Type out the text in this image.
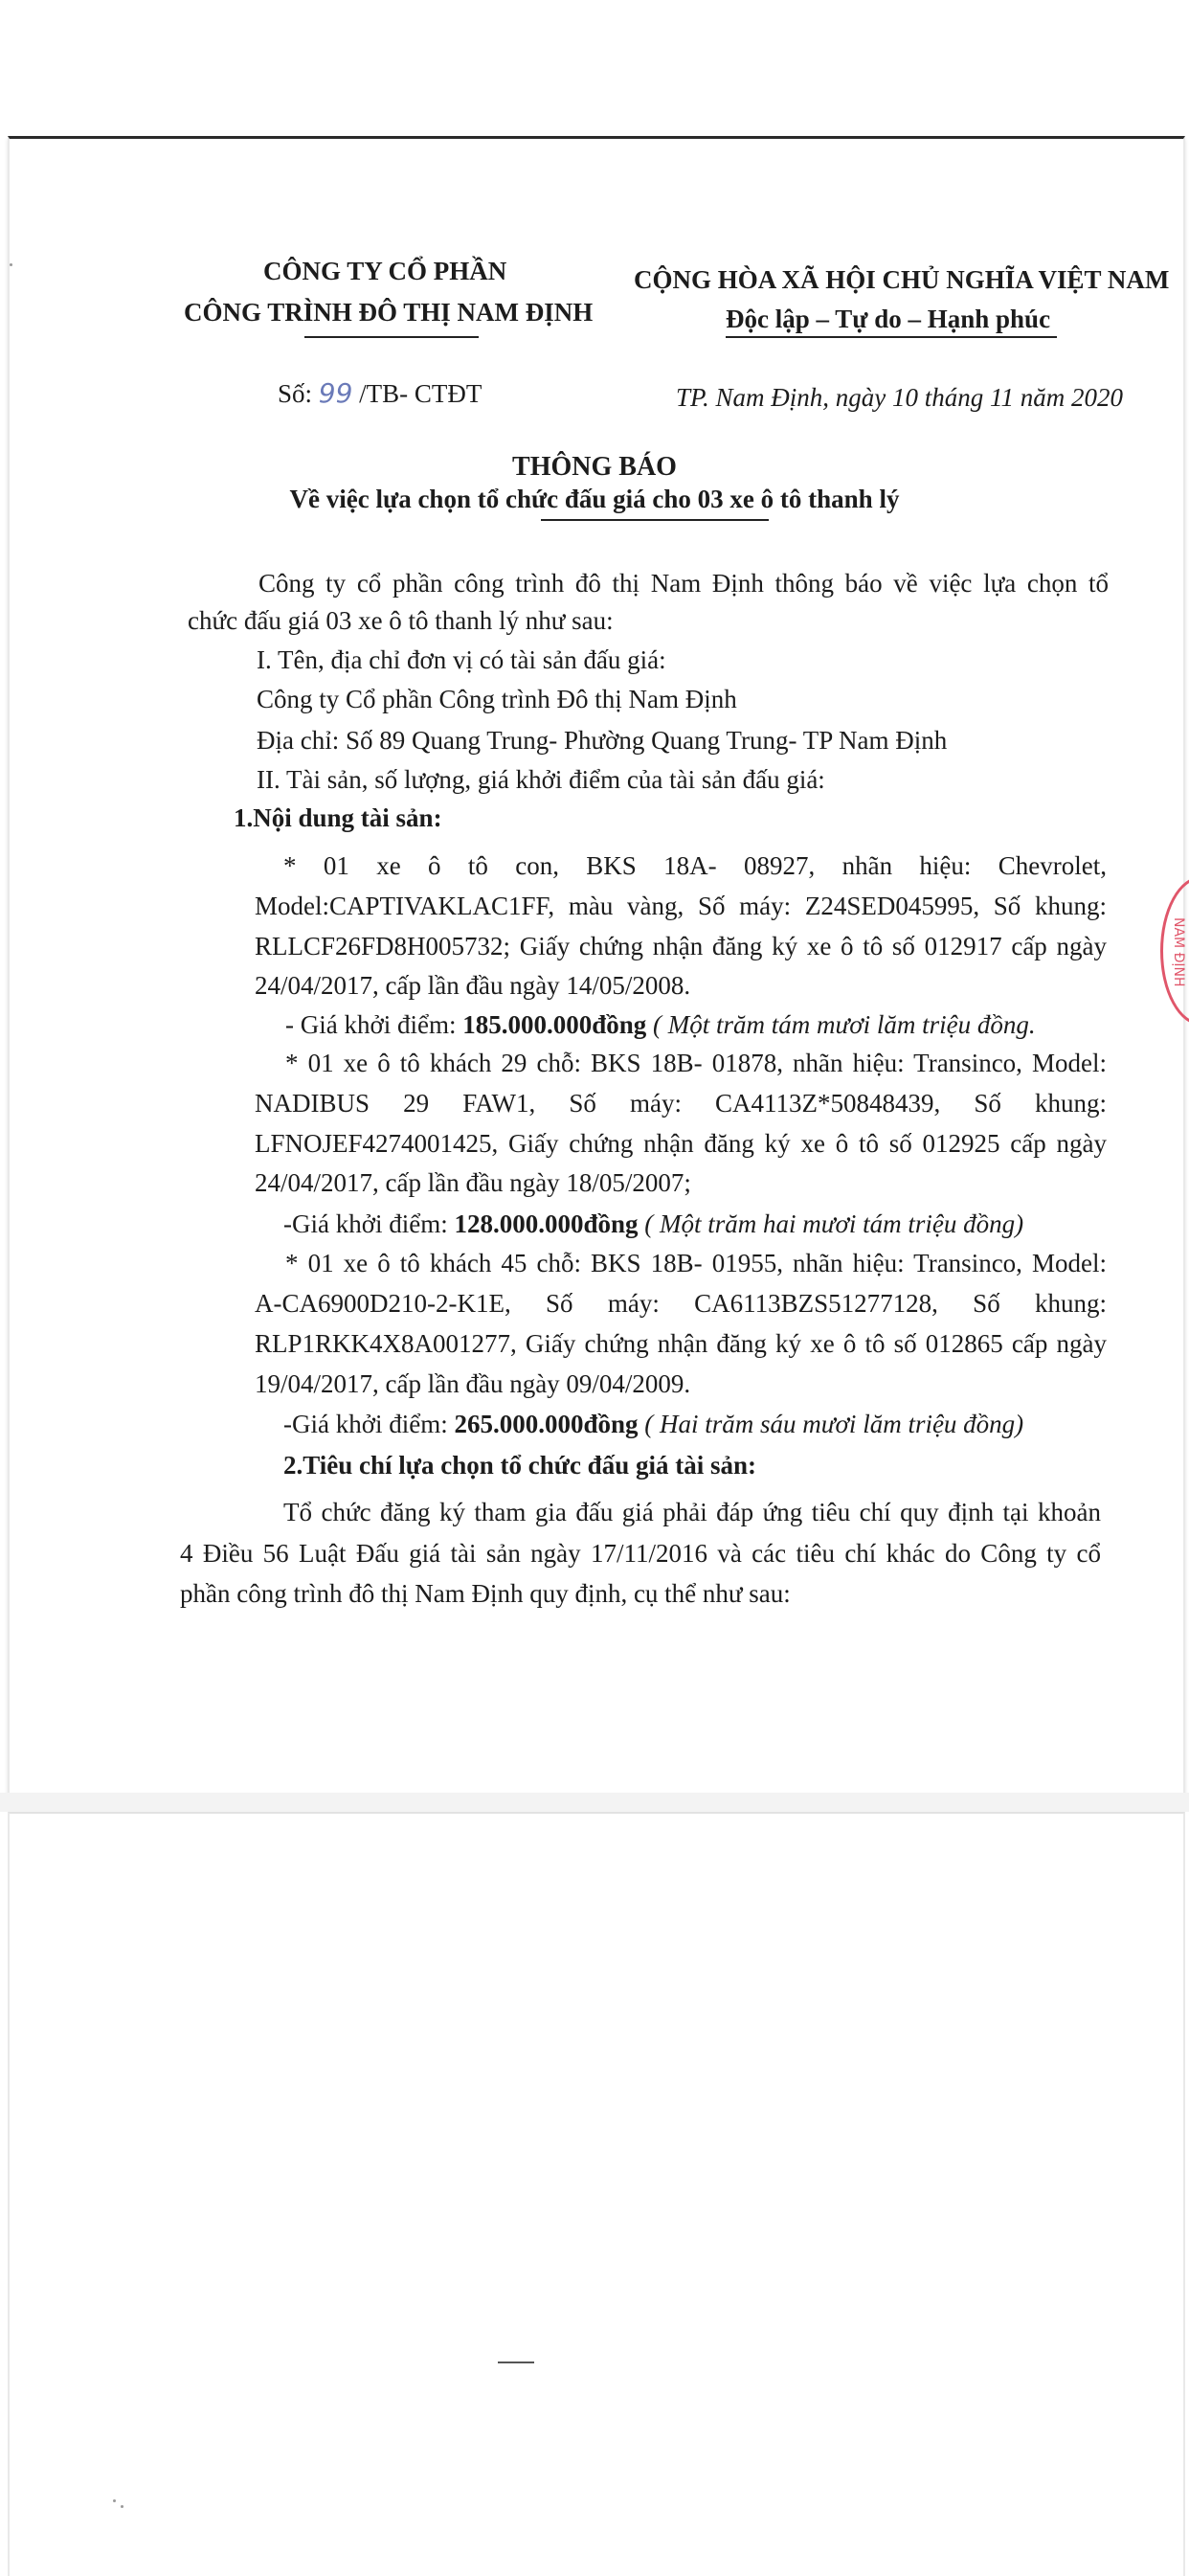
CÔNG TY CỔ PHẦN
CÔNG TRÌNH ĐÔ THỊ NAM ĐỊNH
CỘNG HÒA XÃ HỘI CHỦ NGHĨA VIỆT NAM
Độc lập – Tự do – Hạnh phúc
Số: 99 /TB- CTĐT	TP. Nam Định, ngày 10 tháng 11 năm 2020
THÔNG BÁO
Về việc lựa chọn tổ chức đấu giá cho 03 xe ô tô thanh lý
Công ty cổ phần công trình đô thị Nam Định thông báo về việc lựa chọn tổ
chức đấu giá 03 xe ô tô thanh lý như sau:
I. Tên, địa chỉ đơn vị có tài sản đấu giá:
Công ty Cổ phần Công trình Đô thị Nam Định
Địa chỉ: Số 89 Quang Trung- Phường Quang Trung- TP Nam Định
II. Tài sản, số lượng, giá khởi điểm của tài sản đấu giá:
1.Nội dung tài sản:
* 01 xe ô tô con, BKS 18A- 08927, nhãn hiệu: Chevrolet,
Model:CAPTIVAKLAC1FF, màu vàng, Số máy: Z24SED045995, Số khung:
RLLCF26FD8H005732; Giấy chứng nhận đăng ký xe ô tô số 012917 cấp ngày
24/04/2017, cấp lần đầu ngày 14/05/2008.
- Giá khởi điểm: 185.000.000đồng ( Một trăm tám mươi lăm triệu đồng.
* 01 xe ô tô khách 29 chỗ: BKS 18B- 01878, nhãn hiệu: Transinco, Model:
NADIBUS 29 FAW1, Số máy: CA4113Z*50848439, Số khung:
LFNOJEF4274001425, Giấy chứng nhận đăng ký xe ô tô số 012925 cấp ngày
24/04/2017, cấp lần đầu ngày 18/05/2007;
-Giá khởi điểm: 128.000.000đồng ( Một trăm hai mươi tám triệu đồng)
* 01 xe ô tô khách 45 chỗ: BKS 18B- 01955, nhãn hiệu: Transinco, Model:
A-CA6900D210-2-K1E, Số máy: CA6113BZS51277128, Số khung:
RLP1RKK4X8A001277, Giấy chứng nhận đăng ký xe ô tô số 012865 cấp ngày
19/04/2017, cấp lần đầu ngày 09/04/2009.
-Giá khởi điểm: 265.000.000đồng ( Hai trăm sáu mươi lăm triệu đồng)
2.Tiêu chí lựa chọn tổ chức đấu giá tài sản:
Tổ chức đăng ký tham gia đấu giá phải đáp ứng tiêu chí quy định tại khoản
4 Điều 56 Luật Đấu giá tài sản ngày 17/11/2016 và các tiêu chí khác do Công ty cổ
phần công trình đô thị Nam Định quy định, cụ thể như sau:
NAM ĐỊNH
